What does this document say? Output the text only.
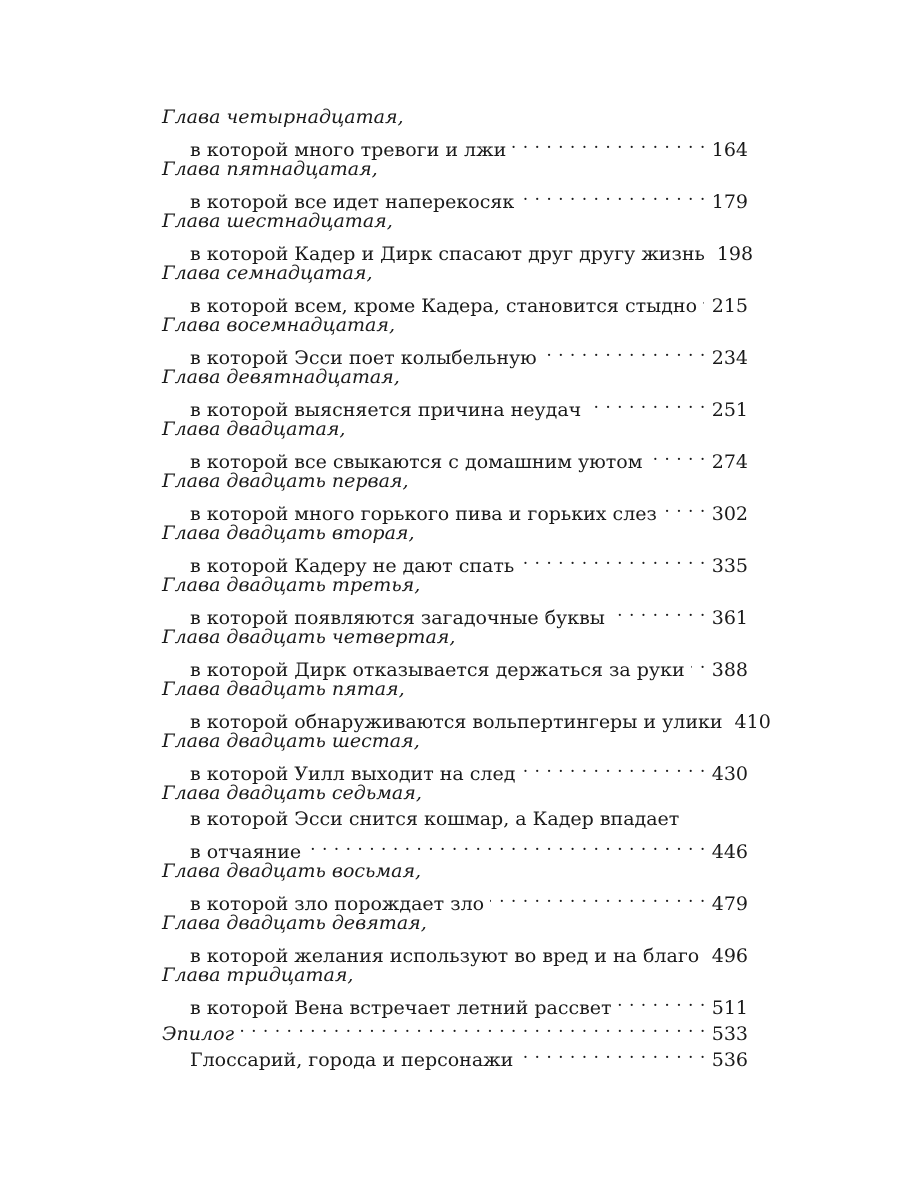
Глава четырнадцатая,
в которой много тревоги и лжи . . .	164
Глава пятнадцатая,
в которой все идет наперекосяк . . .	179
Глава шестнадцатая,
в которой Кадер и Дирк спасают друг другу жизнь 198
Глава семнадцатая,
в которой всем, кроме Кадера, становится стыдно . . . 215
Глава восемнадцатая,
в которой Эсси поет колыбельную . . .	234
Глава девятнадцатая,
в которой выясняется причина неудач . . .	251
Глава двадцатая,
в которой все свыкаются с домашним уютом . . .	274
Глава двадцать первая,
в которой много горького пива и горьких слез . . .	302
Глава двадцать вторая,
в которой Кадеру не дают спать . . .	335
Глава двадцать третья,
в которой появляются загадочные буквы . . .	361
Глава двадцать четвертая,
в которой Дирк отказывается держаться за руки . . . 388
Глава двадцать пятая,
в которой обнаруживаются вольпертингеры и улики 410
Глава двадцать шестая,
в которой Уилл выходит на след . . .	430
Глава двадцать седьмая,
в которой Эсси снится кошмар, а Кадер впадает
в отчаяние . . .	446
Глава двадцать восьмая,
в которой зло порождает зло . . .	479
Глава двадцать девятая,
в которой желания используют во вред и на благо . . . 496
Глава тридцатая,
в которой Вена встречает летний рассвет . . .	511
Эпилог . . .	533
Глоссарий, города и персонажи . . .	536
